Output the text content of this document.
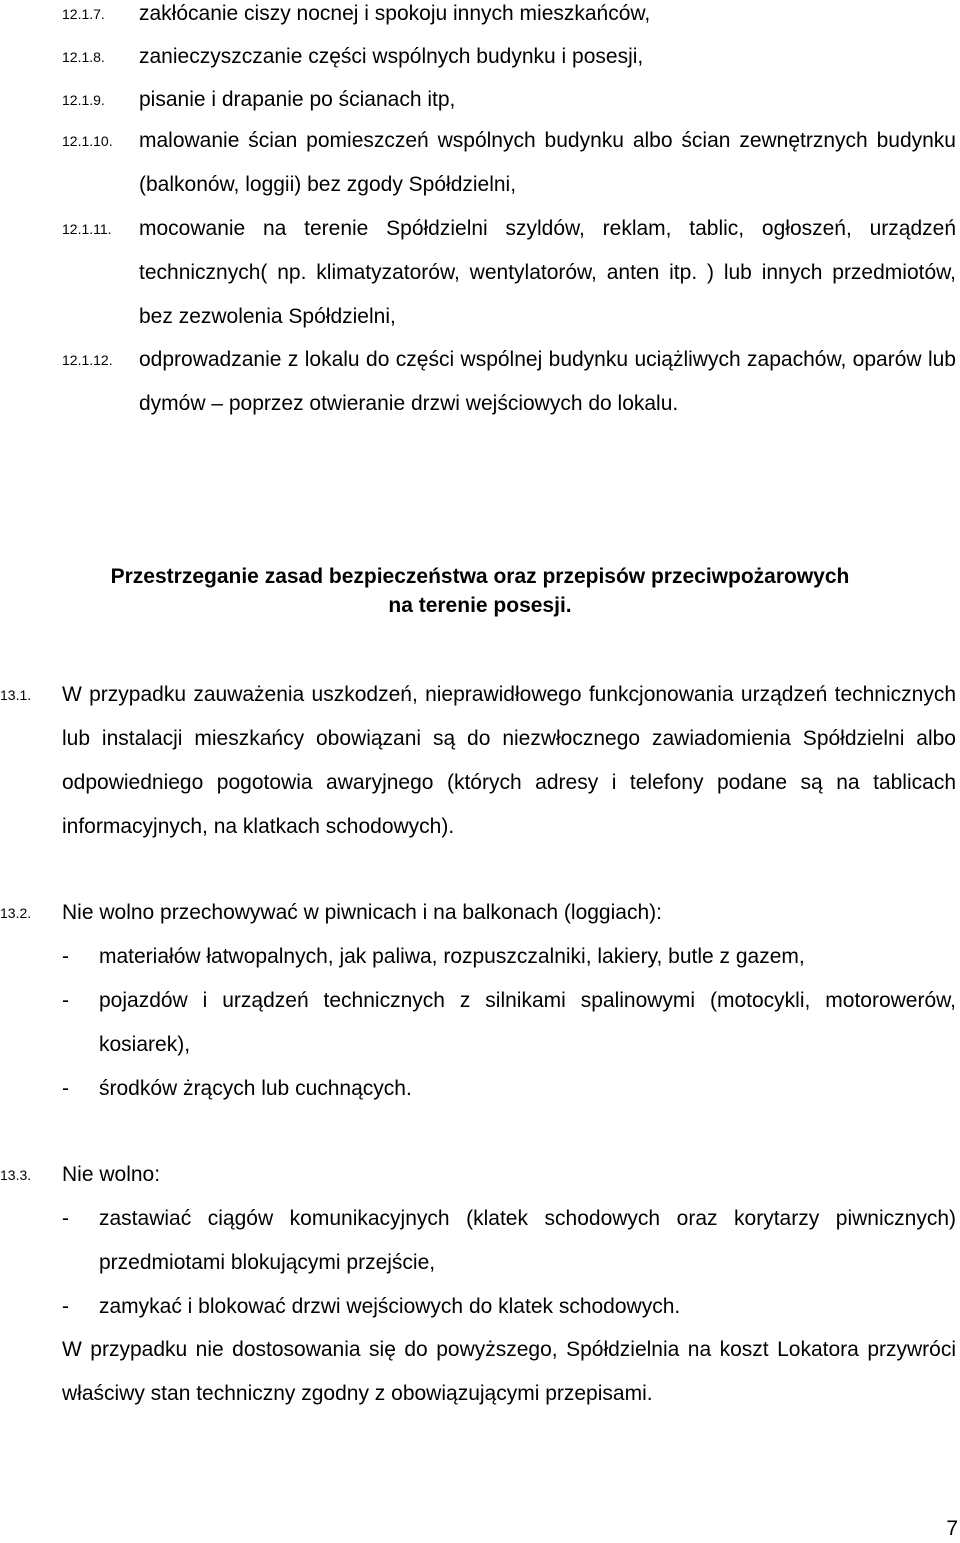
12.1.7. zakłócanie ciszy nocnej i spokoju innych mieszkańców,
12.1.8. zanieczyszczanie części wspólnych budynku i posesji,
12.1.9. pisanie i drapanie po ścianach itp,
12.1.10. malowanie ścian pomieszczeń wspólnych budynku albo ścian zewnętrznych budynku (balkonów, loggii) bez zgody Spółdzielni,
12.1.11. mocowanie na terenie Spółdzielni szyldów, reklam, tablic, ogłoszeń, urządzeń technicznych( np. klimatyzatorów, wentylatorów, anten itp. ) lub innych przedmiotów, bez zezwolenia Spółdzielni,
12.1.12. odprowadzanie z lokalu do części wspólnej budynku uciążliwych zapachów, oparów lub dymów – poprzez otwieranie drzwi wejściowych do lokalu.
Przestrzeganie zasad bezpieczeństwa oraz przepisów przeciwpożarowych
na terenie posesji.
13.1. W przypadku zauważenia uszkodzeń, nieprawidłowego funkcjonowania urządzeń technicznych lub instalacji mieszkańcy obowiązani są do niezwłocznego zawiadomienia Spółdzielni albo odpowiedniego pogotowia awaryjnego (których adresy i telefony podane są na tablicach informacyjnych, na klatkach schodowych).
13.2. Nie wolno przechowywać w piwnicach i na balkonach (loggiach):
- materiałów łatwopalnych, jak paliwa, rozpuszczalniki, lakiery, butle z gazem,
- pojazdów i urządzeń technicznych z silnikami spalinowymi (motocykli, motorowerów, kosiarek),
- środków żrących lub cuchnących.
13.3. Nie wolno:
- zastawiać ciągów komunikacyjnych (klatek schodowych oraz korytarzy piwnicznych) przedmiotami blokującymi przejście,
- zamykać i blokować drzwi wejściowych do klatek schodowych.
W przypadku nie dostosowania się do powyższego, Spółdzielnia na koszt Lokatora przywróci właściwy stan techniczny zgodny z obowiązującymi przepisami.
7
